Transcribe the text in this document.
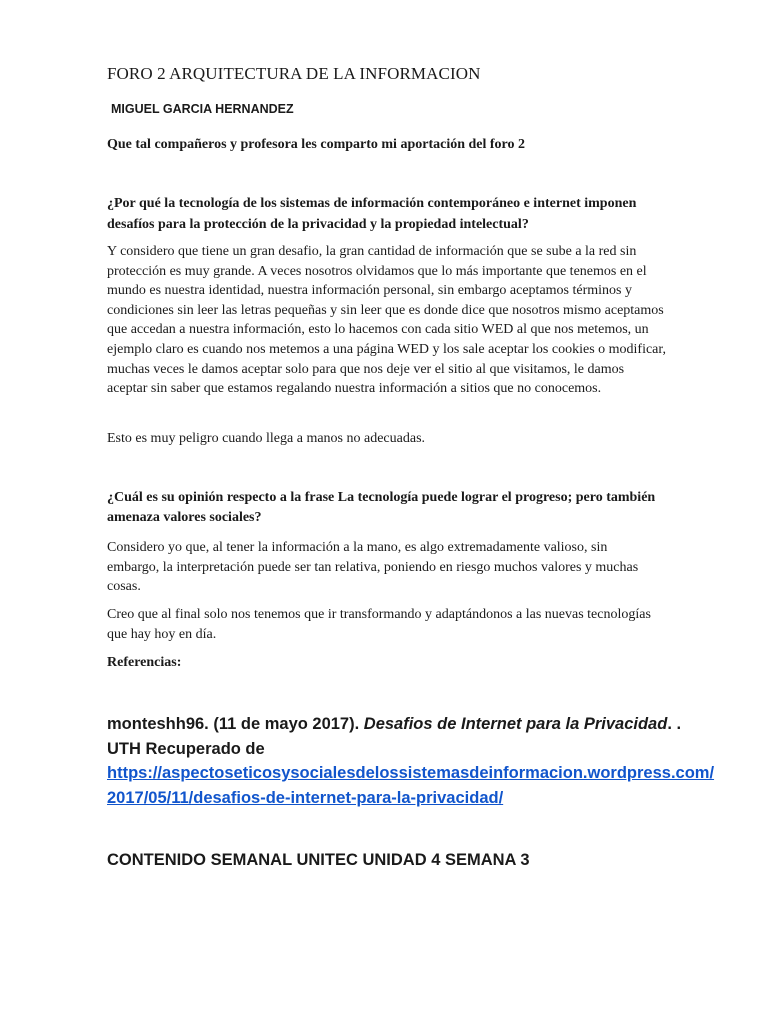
FORO 2 ARQUITECTURA DE LA INFORMACION

MIGUEL GARCIA HERNANDEZ

Que tal compañeros y profesora les comparto mi aportación del foro 2

¿Por qué la tecnología de los sistemas de información contemporáneo e internet imponen desafíos para la protección de la privacidad y la propiedad intelectual?

Y considero que tiene un gran desafio, la gran cantidad de información que se sube a la red sin protección es muy grande. A veces nosotros olvidamos que lo más importante que tenemos en el mundo es nuestra identidad, nuestra información personal, sin embargo aceptamos términos y condiciones sin leer las letras pequeñas y sin leer que es donde dice que nosotros mismo aceptamos que accedan a nuestra información, esto lo hacemos con cada sitio WED al que nos metemos, un ejemplo claro es cuando nos metemos a una página WED y los sale aceptar los cookies o modificar, muchas veces le damos aceptar solo para que nos deje ver el sitio al que visitamos, le damos aceptar sin saber que estamos regalando nuestra información a sitios que no conocemos.

Esto es muy peligro cuando llega a manos no adecuadas.

¿Cuál es su opinión respecto a la frase La tecnología puede lograr el progreso; pero también amenaza valores sociales?

Considero yo que, al tener la información a la mano, es algo extremadamente valioso, sin embargo, la interpretación puede ser tan relativa, poniendo en riesgo muchos valores y muchas cosas.

Creo que al final solo nos tenemos que ir transformando y adaptándonos a las nuevas tecnologías que hay hoy en día.

Referencias:

monteshh96. (11 de mayo 2017). Desafios de Internet para la Privacidad. .
UTH Recuperado de
https://aspectoseticosysocialesdelossistemasdeinformacion.wordpress.com/
2017/05/11/desafios-de-internet-para-la-privacidad/

CONTENIDO SEMANAL UNITEC UNIDAD 4 SEMANA 3
